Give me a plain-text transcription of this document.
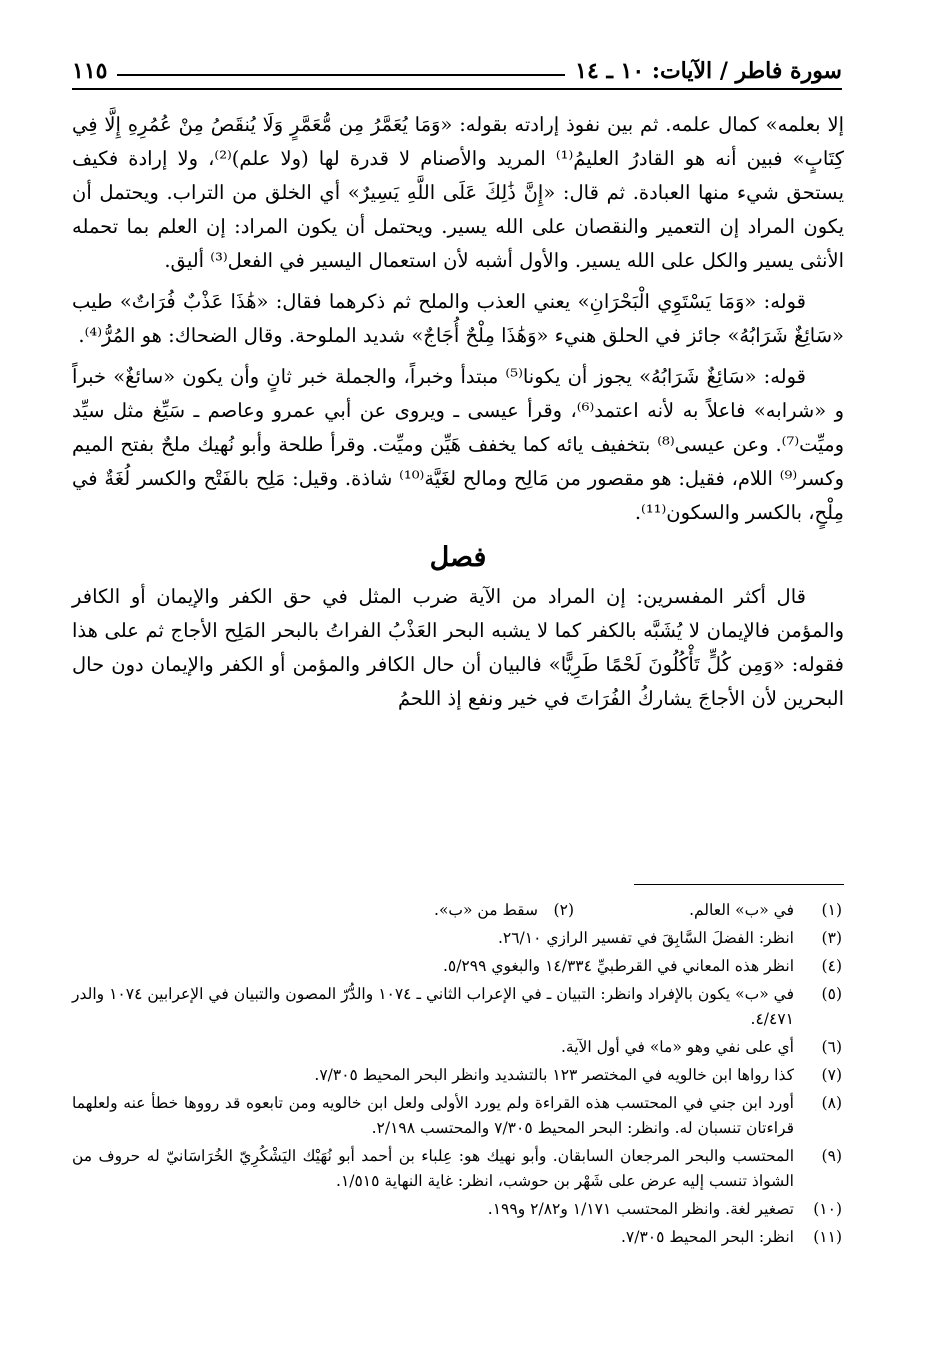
سورة فاطر / الآيات: ١٠ ـ ١٤
١١٥

إلا بعلمه» كمال علمه. ثم بين نفوذ إرادته بقوله: «وَمَا يُعَمَّرُ مِن مُّعَمَّرٍ وَلَا يُنقَصُ مِنْ عُمُرِهِ إِلَّا فِي كِتَابٍ» فبين أنه هو القادرُ العليمُ⁽¹⁾ المريد والأصنام لا قدرة لها (ولا علم)⁽²⁾، ولا إرادة فكيف يستحق شيء منها العبادة. ثم قال: «إِنَّ ذَٰلِكَ عَلَى اللَّهِ يَسِيرٌ» أي الخلق من التراب. ويحتمل أن يكون المراد إن التعمير والنقصان على الله يسير. ويحتمل أن يكون المراد: إن العلم بما تحمله الأنثى يسير والكل على الله يسير. والأول أشبه لأن استعمال اليسير في الفعل⁽³⁾ أليق.

قوله: «وَمَا يَسْتَوِي الْبَحْرَانِ» يعني العذب والملح ثم ذكرهما فقال: «هَٰذَا عَذْبٌ فُرَاتٌ» طيب «سَائِغٌ شَرَابُهُ» جائز في الحلق هنيء «وَهَٰذَا مِلْحٌ أُجَاجٌ» شديد الملوحة. وقال الضحاك: هو المُرُّ⁽⁴⁾.

قوله: «سَائِغٌ شَرَابُهُ» يجوز أن يكونا⁽⁵⁾ مبتدأ وخبراً، والجملة خبر ثانٍ وأن يكون «سائغٌ» خبراً و «شرابه» فاعلاً به لأنه اعتمد⁽⁶⁾، وقرأ عيسى ـ ويروى عن أبي عمرو وعاصم ـ سَيِّغ مثل سيِّد وميِّت⁽⁷⁾. وعن عيسى⁽⁸⁾ بتخفيف يائه كما يخفف هَيِّن وميِّت. وقرأ طلحة وأبو نُهيك ملحٌ بفتح الميم وكسر⁽⁹⁾ اللام، فقيل: هو مقصور من مَالِح ومالح لغَيَّة⁽¹⁰⁾ شاذة. وقيل: مَلِح بالفَتْح والكسر لُغَةٌ في مِلْحٍ، بالكسر والسكون⁽¹¹⁾.

فصل

قال أكثر المفسرين: إن المراد من الآية ضرب المثل في حق الكفر والإيمان أو الكافر والمؤمن فالإيمان لا يُشَبَّه بالكفر كما لا يشبه البحر العَذْبُ الفراتُ بالبحر المَلِح الأجاج ثم على هذا فقوله: «وَمِن كُلٍّ تَأْكُلُونَ لَحْمًا طَرِيًّا» فالبيان أن حال الكافر والمؤمن أو الكفر والإيمان دون حال البحرين لأن الأجاجَ يشاركُ الفُرَاتَ في خير ونفع إذ اللحمُ

(١)
في «ب» العالم.
(٢)
سقط من «ب».
(٣)
انظر: الفضلَ السَّابِقَ في تفسير الرازي ٢٦/١٠.
(٤)
انظر هذه المعاني في القرطبيِّ ١٤/٣٣٤ والبغوي ٥/٢٩٩.
(٥)
في «ب» يكون بالإفراد وانظر: التبيان ـ في الإعراب الثاني ـ ١٠٧٤ والدُّرّ المصون والتبيان في الإعرابين ١٠٧٤ والدر ٤/٤٧١.
(٦)
أي على نفي وهو «ما» في أول الآية.
(٧)
كذا رواها ابن خالويه في المختصر ١٢٣ بالتشديد وانظر البحر المحيط ٧/٣٠٥.
(٨)
أورد ابن جني في المحتسب هذه القراءة ولم يورد الأولى ولعل ابن خالويه ومن تابعوه قد رووها خطأ عنه ولعلهما قراءتان تنسبان له. وانظر: البحر المحيط ٧/٣٠٥ والمحتسب ٢/١٩٨.
(٩)
المحتسب والبحر المرجعان السابقان. وأبو نهيك هو: عِلباء بن أحمد أبو نُهَيْك اليَشْكُرِيّ الخُرَاسَانيّ له حروف من الشواذ تنسب إليه عرض على شَهْر بن حوشب، انظر: غاية النهاية ١/٥١٥.
(١٠)
تصغير لغة. وانظر المحتسب ١/١٧١ و٢/٨٢ و١٩٩.
(١١)
انظر: البحر المحيط ٧/٣٠٥.
